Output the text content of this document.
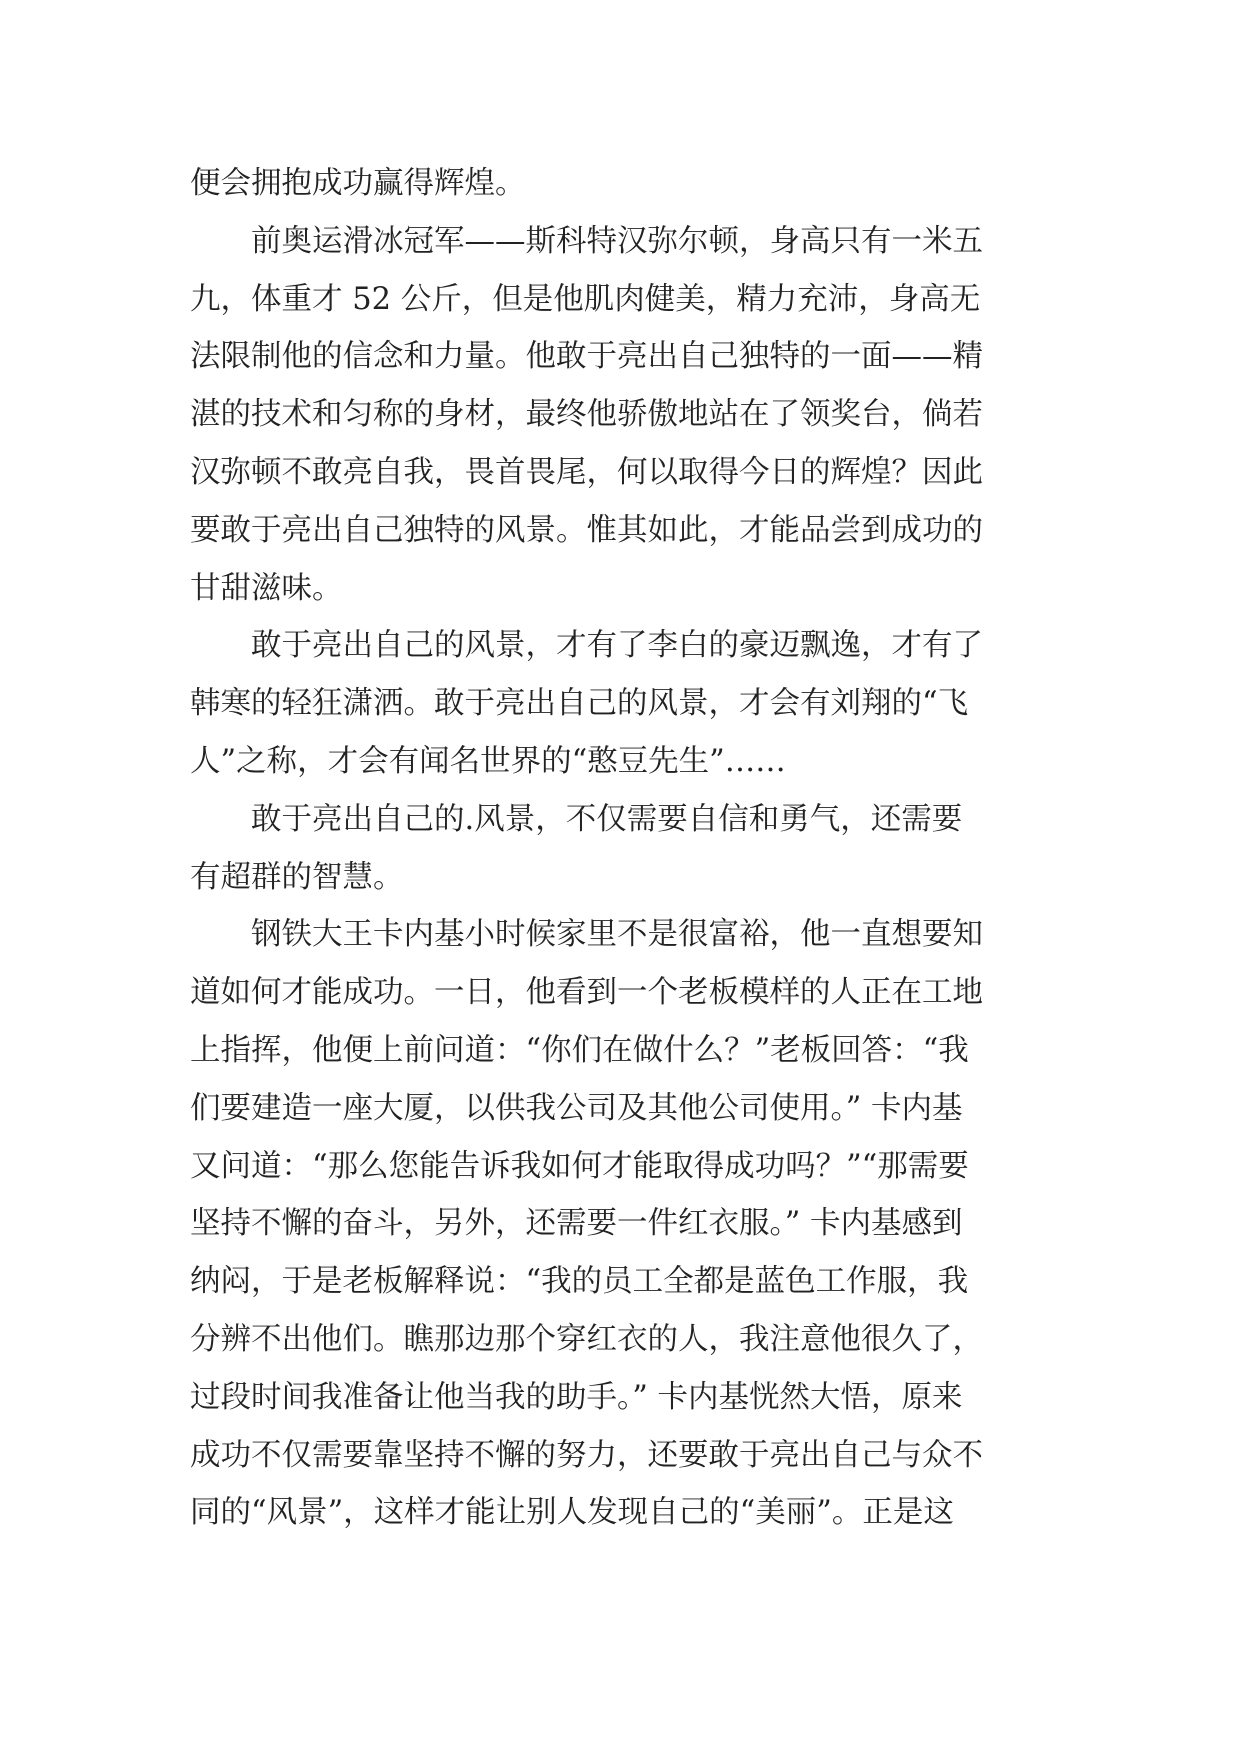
便会拥抱成功赢得辉煌。
前奥运滑冰冠军——斯科特汉弥尔顿，身高只有一米五
九，体重才 52 公斤，但是他肌肉健美，精力充沛，身高无
法限制他的信念和力量。他敢于亮出自己独特的一面——精
湛的技术和匀称的身材，最终他骄傲地站在了领奖台，倘若
汉弥顿不敢亮自我，畏首畏尾，何以取得今日的辉煌？因此
要敢于亮出自己独特的风景。惟其如此，才能品尝到成功的
甘甜滋味。
敢于亮出自己的风景，才有了李白的豪迈飘逸，才有了
韩寒的轻狂潇洒。敢于亮出自己的风景，才会有刘翔的“飞
人”之称，才会有闻名世界的“憨豆先生”……
敢于亮出自己的.风景，不仅需要自信和勇气，还需要
有超群的智慧。
钢铁大王卡内基小时候家里不是很富裕，他一直想要知
道如何才能成功。一日，他看到一个老板模样的人正在工地
上指挥，他便上前问道：“你们在做什么？”老板回答：“我
们要建造一座大厦，以供我公司及其他公司使用。” 卡内基
又问道：“那么您能告诉我如何才能取得成功吗？”“那需要
坚持不懈的奋斗，另外，还需要一件红衣服。” 卡内基感到
纳闷，于是老板解释说：“我的员工全都是蓝色工作服，我
分辨不出他们。瞧那边那个穿红衣的人，我注意他很久了，
过段时间我准备让他当我的助手。” 卡内基恍然大悟，原来
成功不仅需要靠坚持不懈的努力，还要敢于亮出自己与众不
同的“风景”，这样才能让别人发现自己的“美丽”。正是这
